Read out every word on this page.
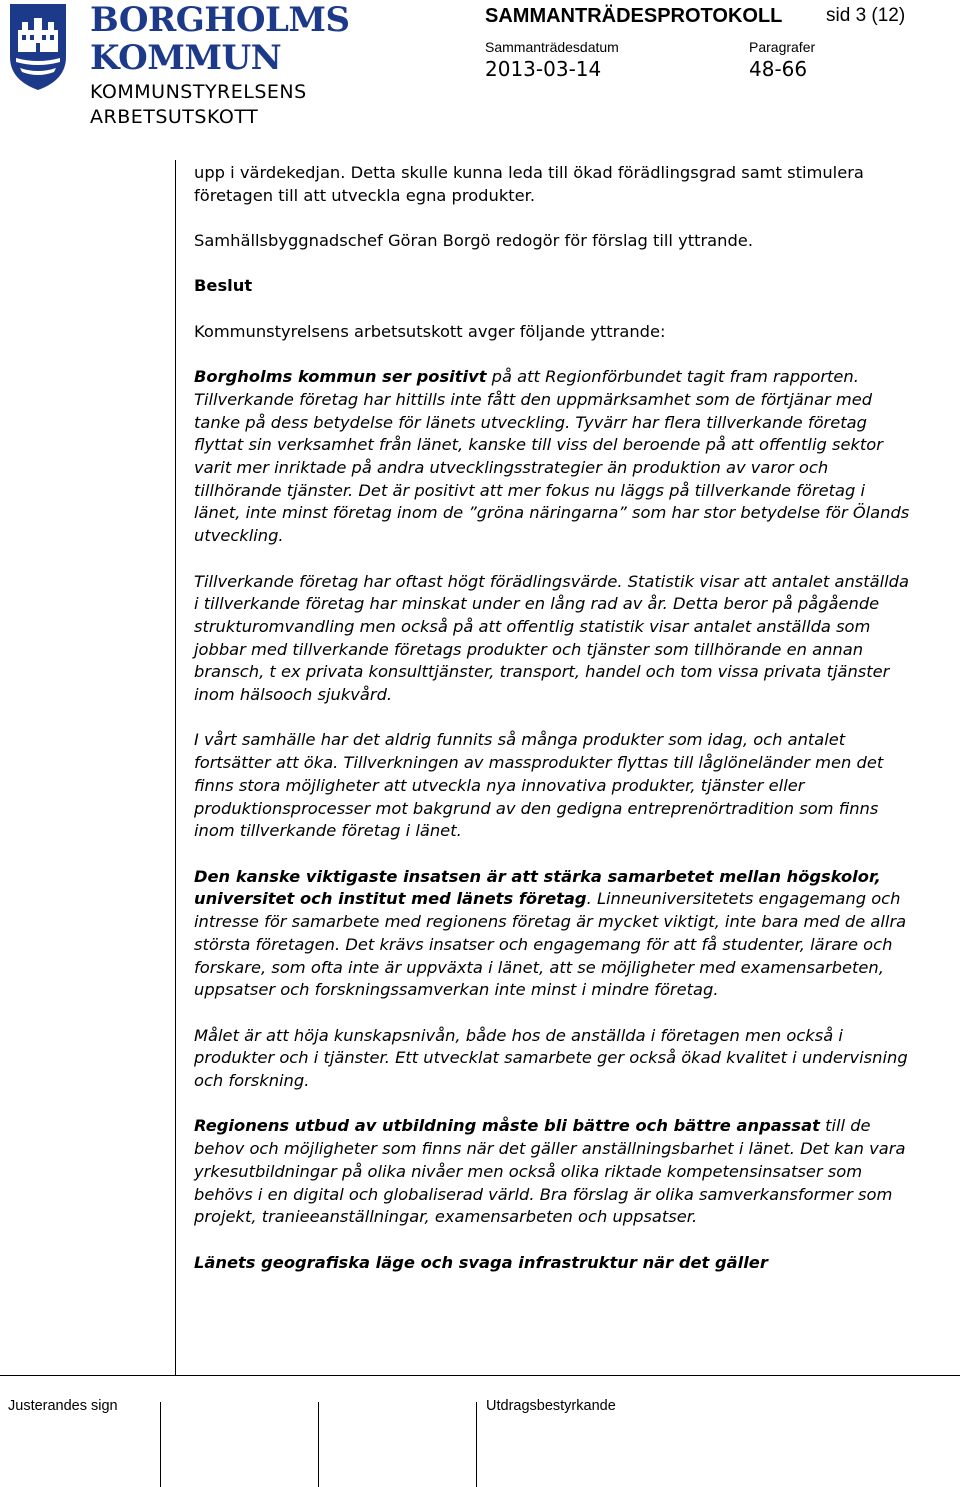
BORGHOLMS
KOMMUN
KOMMUNSTYRELSENS
ARBETSUTSKOTT
SAMMANTRÄDESPROTOKOLL sid 3 (12)
Sammanträdesdatum	Paragrafer
2013-03-14	48-66

upp i värdekedjan. Detta skulle kunna leda till ökad förädlingsgrad samt stimulera företagen till att utveckla egna produkter.

Samhällsbyggnadschef Göran Borgö redogör för förslag till yttrande.

Beslut

Kommunstyrelsens arbetsutskott avger följande yttrande:

Borgholms kommun ser positivt på att Regionförbundet tagit fram rapporten. Tillverkande företag har hittills inte fått den uppmärksamhet som de förtjänar med tanke på dess betydelse för länets utveckling. Tyvärr har flera tillverkande företag flyttat sin verksamhet från länet, kanske till viss del beroende på att offentlig sektor varit mer inriktade på andra utvecklingsstrategier än produktion av varor och tillhörande tjänster. Det är positivt att mer fokus nu läggs på tillverkande företag i länet, inte minst företag inom de ”gröna näringarna” som har stor betydelse för Ölands utveckling.

Tillverkande företag har oftast högt förädlingsvärde. Statistik visar att antalet anställda i tillverkande företag har minskat under en lång rad av år. Detta beror på pågående strukturomvandling men också på att offentlig statistik visar antalet anställda som jobbar med tillverkande företags produkter och tjänster som tillhörande en annan bransch, t ex privata konsulttjänster, transport, handel och tom vissa privata tjänster inom hälsooch sjukvård.

I vårt samhälle har det aldrig funnits så många produkter som idag, och antalet fortsätter att öka. Tillverkningen av massprodukter flyttas till låglöneländer men det finns stora möjligheter att utveckla nya innovativa produkter, tjänster eller produktionsprocesser mot bakgrund av den gedigna entreprenörtradition som finns inom tillverkande företag i länet.

Den kanske viktigaste insatsen är att stärka samarbetet mellan högskolor, universitet och institut med länets företag. Linneuniversitetets engagemang och intresse för samarbete med regionens företag är mycket viktigt, inte bara med de allra största företagen. Det krävs insatser och engagemang för att få studenter, lärare och forskare, som ofta inte är uppväxta i länet, att se möjligheter med examensarbeten, uppsatser och forskningssamverkan inte minst i mindre företag.

Målet är att höja kunskapsnivån, både hos de anställda i företagen men också i produkter och i tjänster. Ett utvecklat samarbete ger också ökad kvalitet i undervisning och forskning.

Regionens utbud av utbildning måste bli bättre och bättre anpassat till de behov och möjligheter som finns när det gäller anställningsbarhet i länet. Det kan vara yrkesutbildningar på olika nivåer men också olika riktade kompetensinsatser som behövs i en digital och globaliserad värld. Bra förslag är olika samverkansformer som projekt, tranieeanställningar, examensarbeten och uppsatser.

Länets geografiska läge och svaga infrastruktur när det gäller

Justerandes sign	Utdragsbestyrkande
